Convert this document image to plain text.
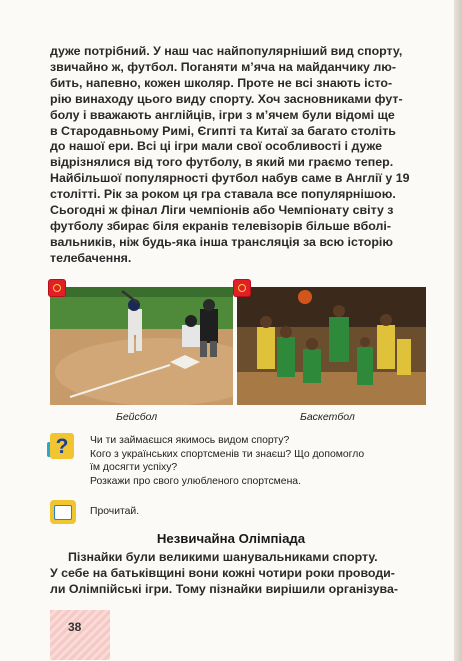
дуже потрібний. У наш час найпопулярніший вид спорту,
звичайно ж, футбол. Поганяти м’яча на майданчику лю-
бить, напевно, кожен школяр. Проте не всі знають істо-
рію винаходу цього виду спорту. Хоч засновниками фут-
болу і вважають англійців, ігри з м’ячем були відомі ще
в Стародавньому Римі, Єгипті та Китаї за багато століть
до нашої ери. Всі ці ігри мали свої особливості і дуже
відрізнялися від того футболу, в який ми граємо тепер.
Найбільшої популярності футбол набув саме в Англії у 19
столітті. Рік за роком ця гра ставала все популярнішою.
Сьогодні ж фінал Ліги чемпіонів або Чемпіонату світу з
футболу збирає біля екранів телевізорів більше вболі-
вальників, ніж будь-яка інша трансляція за всю історію
телебачення.

Бейсбол	Баскетбол
?	Чи ти займаєшся якимось видом спорту?

Кого з українських спортсменів ти знаєш? Що допомогло

їм досягти успіху?

Розкажи про свого улюбленого спортсмена.

Прочитай.
Незвичайна Олімпіада

Пізнайки були великими шанувальниками спорту.
У себе на батьківщині вони кожні чотири роки проводи-
ли Олімпійські ігри. Тому пізнайки вирішили організува-

38
